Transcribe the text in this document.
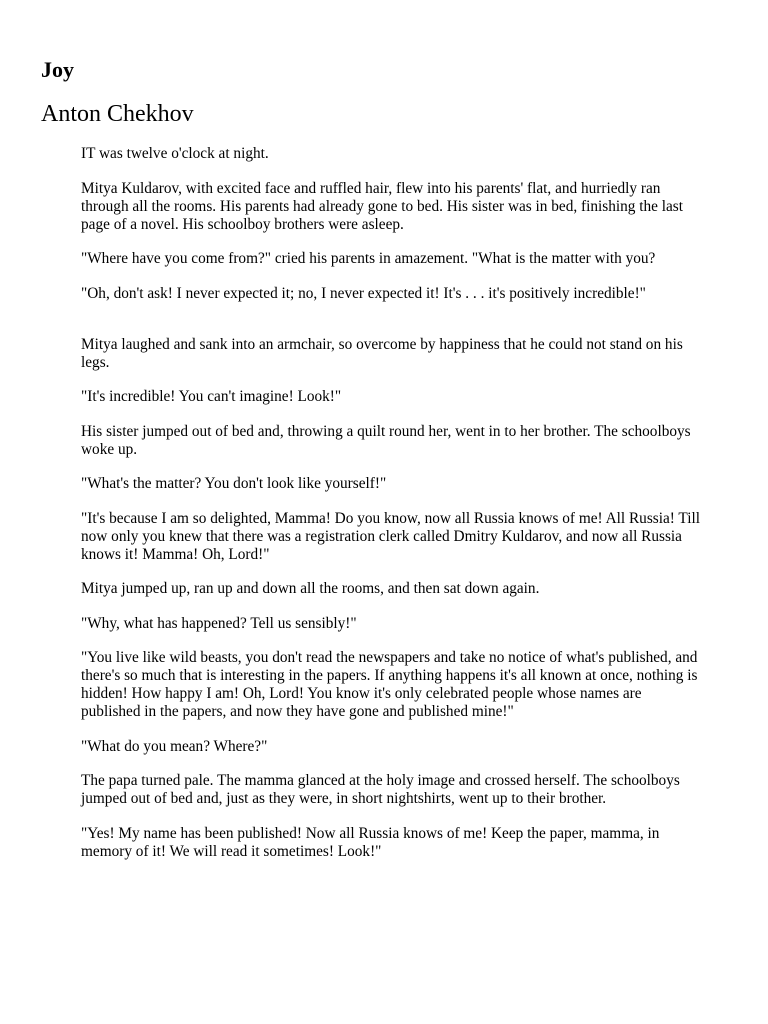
Joy
Anton Chekhov

IT was twelve o'clock at night.

Mitya Kuldarov, with excited face and ruffled hair, flew into his parents' flat, and hurriedly ran through all the rooms. His parents had already gone to bed. His sister was in bed, finishing the last page of a novel. His schoolboy brothers were asleep.

"Where have you come from?" cried his parents in amazement. "What is the matter with you?

"Oh, don't ask! I never expected it; no, I never expected it! It's . . . it's positively incredible!"

Mitya laughed and sank into an armchair, so overcome by happiness that he could not stand on his legs.

"It's incredible! You can't imagine! Look!"

His sister jumped out of bed and, throwing a quilt round her, went in to her brother. The schoolboys woke up.

"What's the matter? You don't look like yourself!"

"It's because I am so delighted, Mamma! Do you know, now all Russia knows of me! All Russia! Till now only you knew that there was a registration clerk called Dmitry Kuldarov, and now all Russia knows it! Mamma! Oh, Lord!"

Mitya jumped up, ran up and down all the rooms, and then sat down again.

"Why, what has happened? Tell us sensibly!"

"You live like wild beasts, you don't read the newspapers and take no notice of what's published, and there's so much that is interesting in the papers. If anything happens it's all known at once, nothing is hidden! How happy I am! Oh, Lord! You know it's only celebrated people whose names are published in the papers, and now they have gone and published mine!"

"What do you mean? Where?"

The papa turned pale. The mamma glanced at the holy image and crossed herself. The schoolboys jumped out of bed and, just as they were, in short nightshirts, went up to their brother.

"Yes! My name has been published! Now all Russia knows of me! Keep the paper, mamma, in memory of it! We will read it sometimes! Look!"
